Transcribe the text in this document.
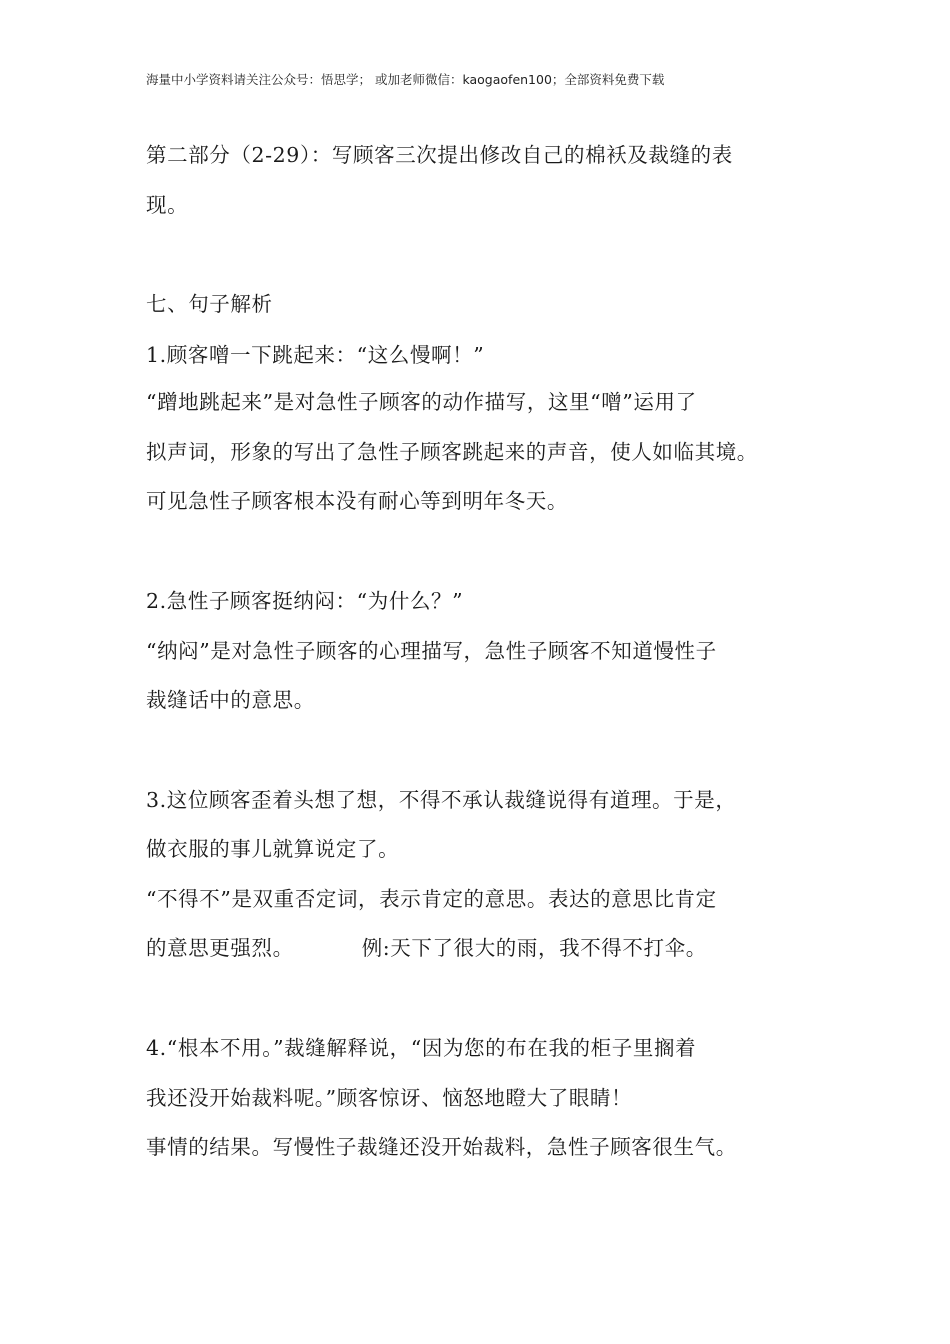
海量中小学资料请关注公众号：悟思学； 或加老师微信：kaogaofen100；全部资料免费下载
第二部分（2-29）：写顾客三次提出修改自己的棉袄及裁缝的表
现。
七、句子解析
1.顾客噌一下跳起来：“这么慢啊！”
“蹭地跳起来”是对急性子顾客的动作描写，这里“噌”运用了
拟声词，形象的写出了急性子顾客跳起来的声音，使人如临其境。
可见急性子顾客根本没有耐心等到明年冬天。
2.急性子顾客挺纳闷：“为什么？”
“纳闷”是对急性子顾客的心理描写，急性子顾客不知道慢性子
裁缝话中的意思。
3.这位顾客歪着头想了想，不得不承认裁缝说得有道理。于是，
做衣服的事儿就算说定了。
“不得不”是双重否定词，表示肯定的意思。表达的意思比肯定
的意思更强烈。	例:天下了很大的雨，我不得不打伞。
4.“根本不用。”裁缝解释说，“因为您的布在我的柜子里搁着
我还没开始裁料呢。”顾客惊讶、恼怒地瞪大了眼睛！
事情的结果。写慢性子裁缝还没开始裁料，急性子顾客很生气。
